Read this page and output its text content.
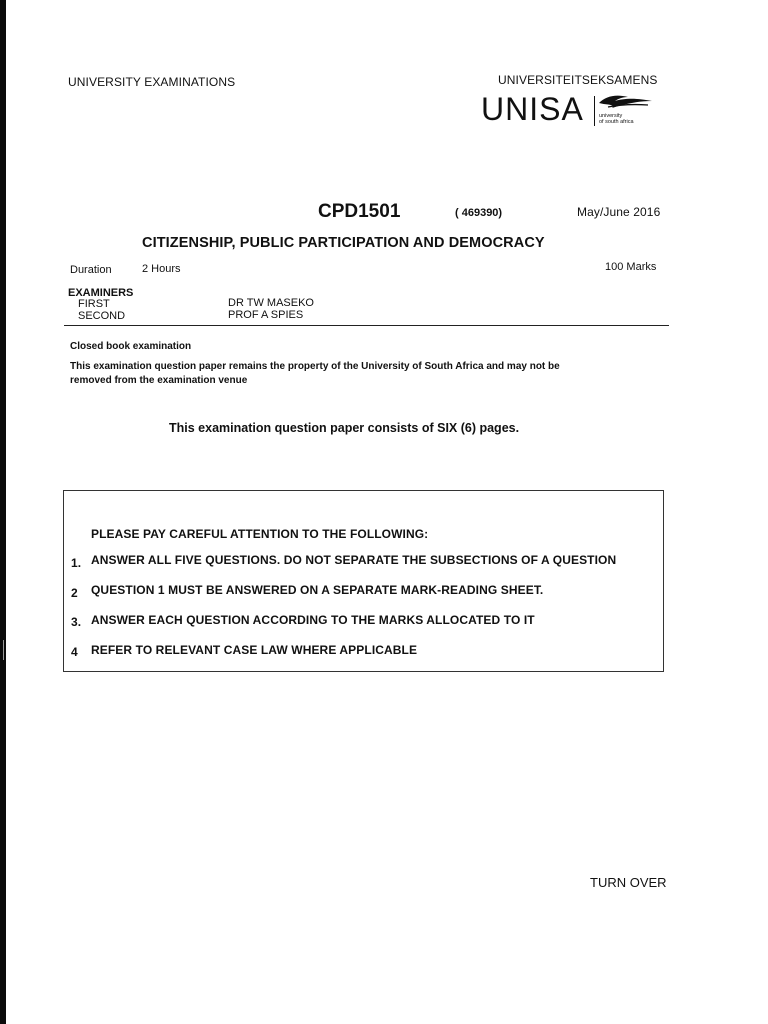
UNIVERSITY EXAMINATIONS	UNIVERSITEITSEKSAMENS
UNISA	university
of south africa
CPD1501	( 469390)	May/June 2016
CITIZENSHIP, PUBLIC PARTICIPATION AND DEMOCRACY
Duration	2 Hours	100 Marks
EXAMINERS
FIRST	DR TW MASEKO
SECOND	PROF A SPIES
Closed book examination
This examination question paper remains the property of the University of South Africa and may not be
removed from the examination venue
This examination question paper consists of SIX (6) pages.
PLEASE PAY CAREFUL ATTENTION TO THE FOLLOWING:
1. ANSWER ALL FIVE QUESTIONS. DO NOT SEPARATE THE SUBSECTIONS OF A QUESTION
2 QUESTION 1 MUST BE ANSWERED ON A SEPARATE MARK-READING SHEET.
3. ANSWER EACH QUESTION ACCORDING TO THE MARKS ALLOCATED TO IT
4 REFER TO RELEVANT CASE LAW WHERE APPLICABLE
TURN OVER
